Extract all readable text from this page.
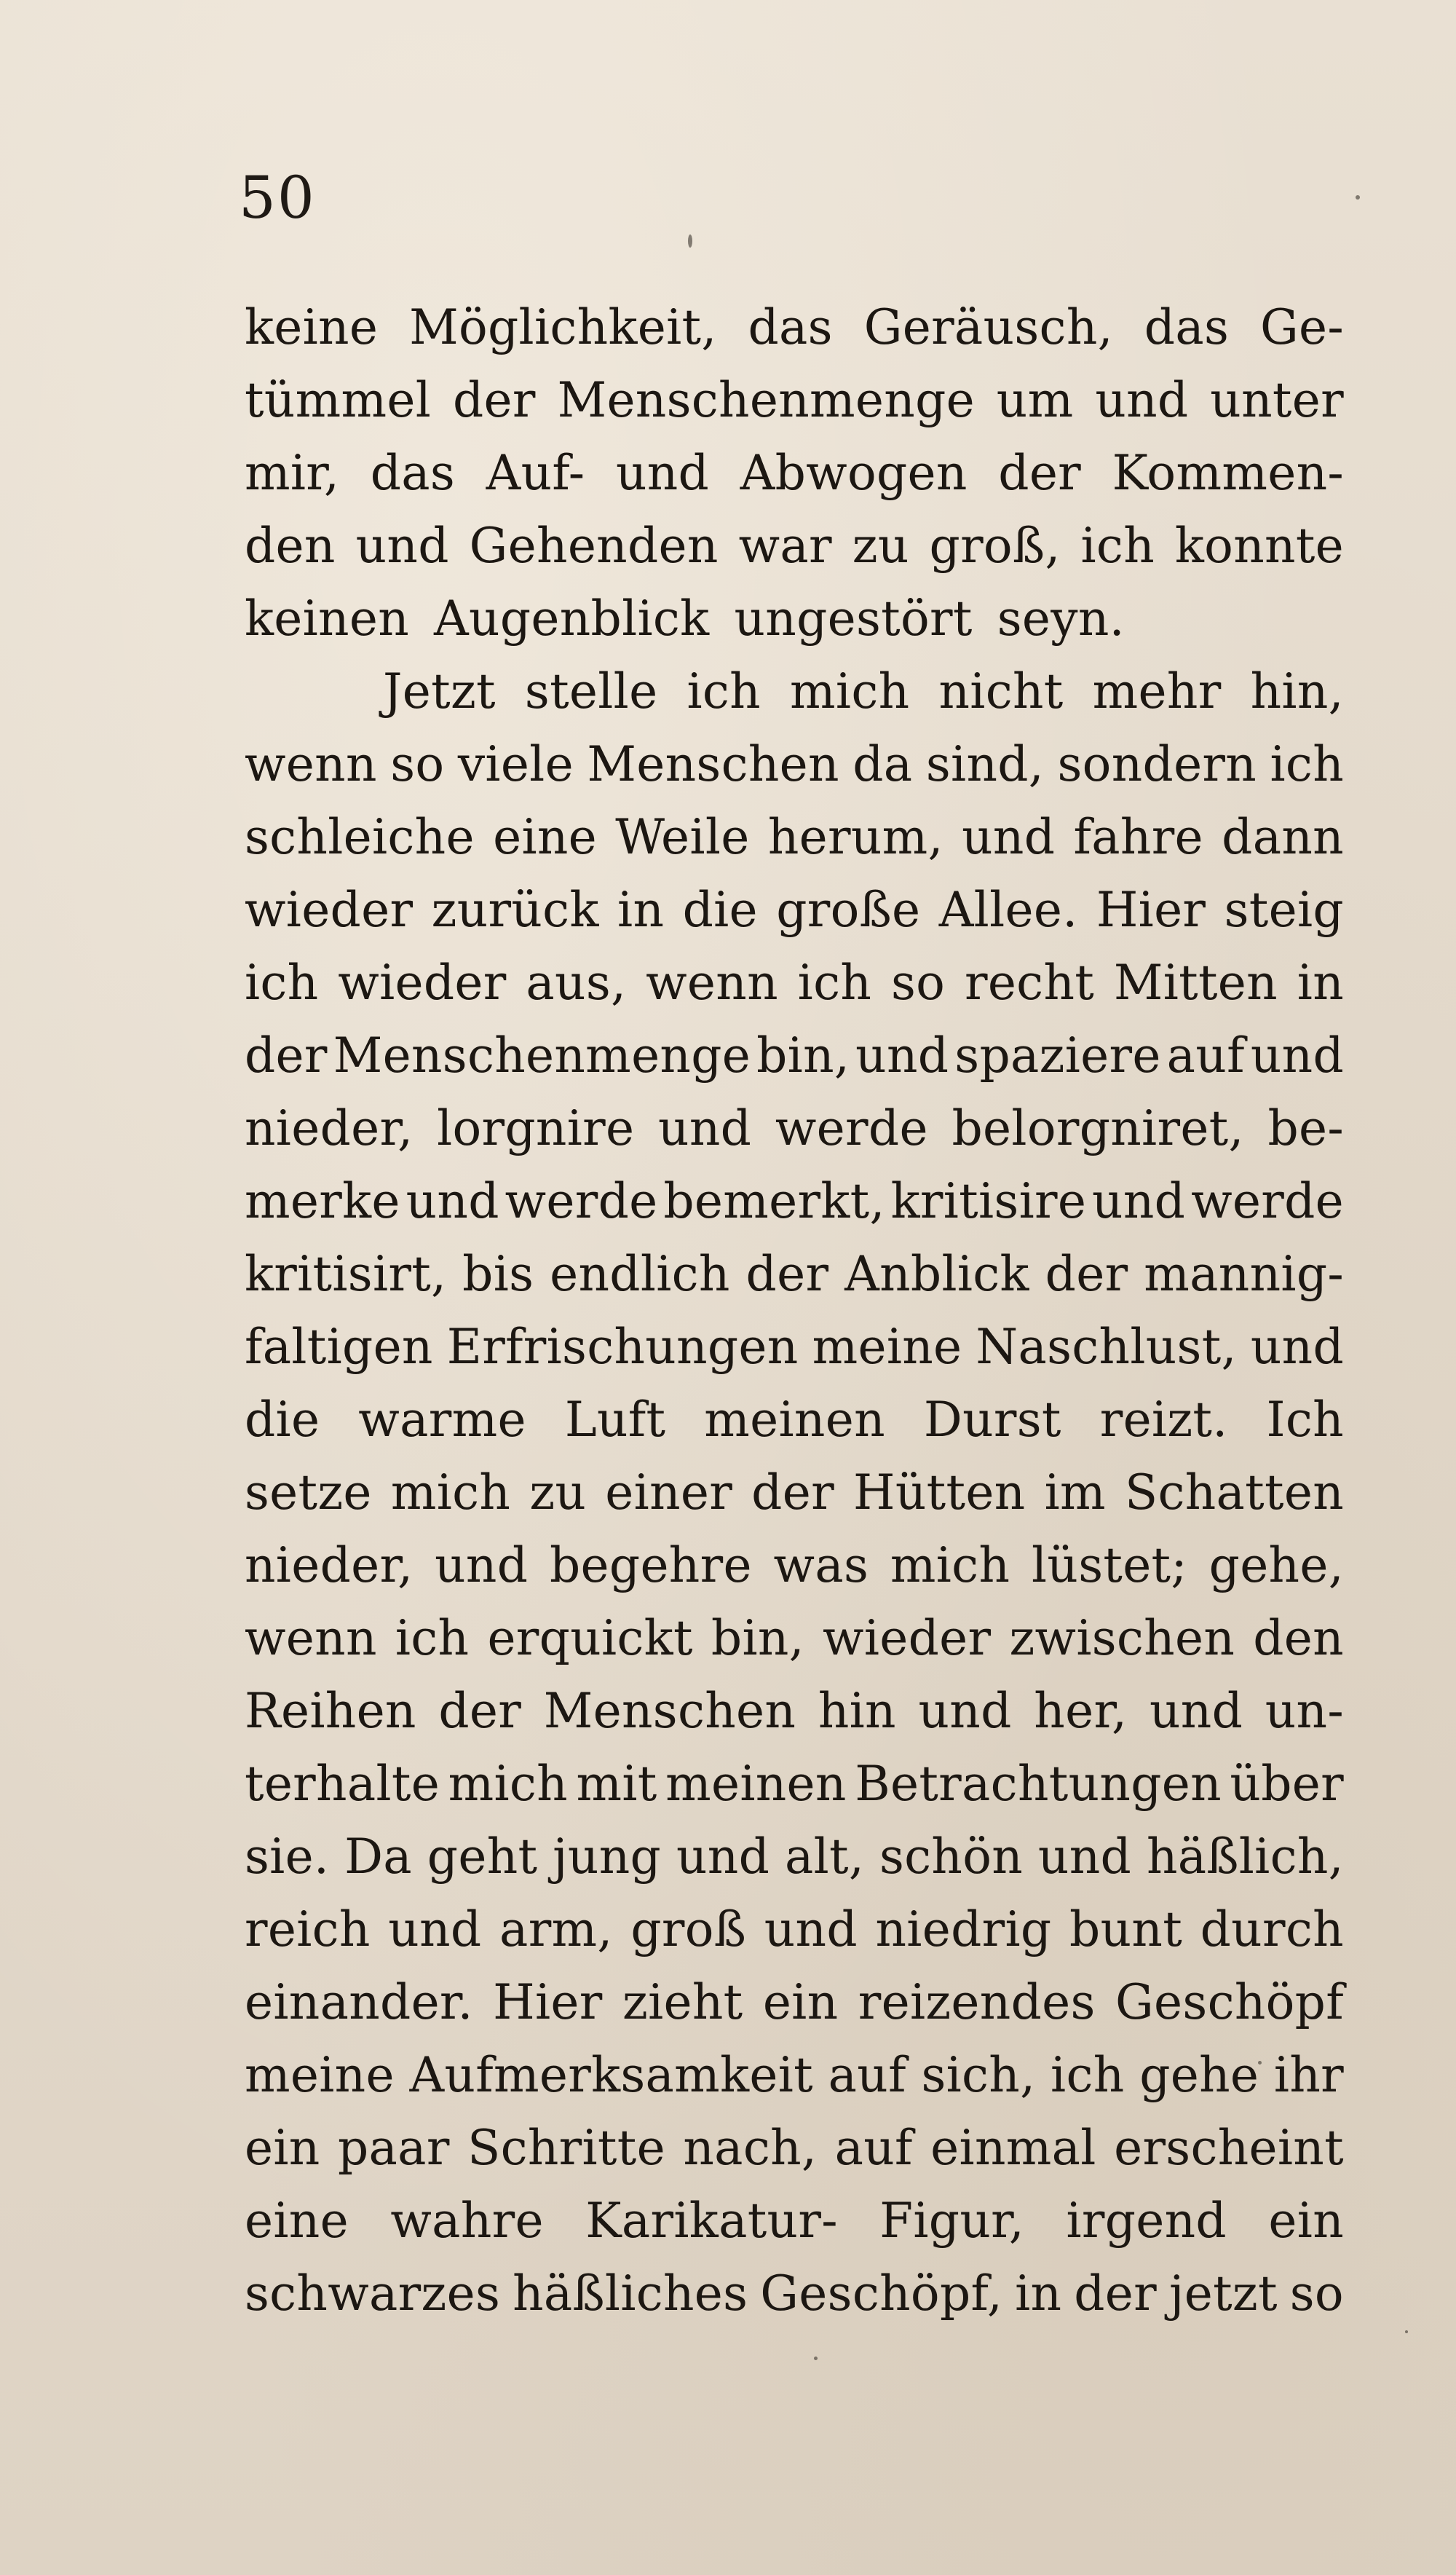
50
keine Möglichkeit, das Geräusch, das Ge-
tümmel der Menschenmenge um und unter
mir, das Auf- und Abwogen der Kommen-
den und Gehenden war zu groß, ich konnte
keinen Augenblick ungestört seyn.
Jetzt stelle ich mich nicht mehr hin,
wenn so viele Menschen da sind, sondern ich
schleiche eine Weile herum, und fahre dann
wieder zurück in die große Allee. Hier steig
ich wieder aus, wenn ich so recht Mitten in
der Menschenmenge bin, und spaziere auf und
nieder, lorgnire und werde belorgniret, be-
merke und werde bemerkt, kritisire und werde
kritisirt, bis endlich der Anblick der mannig-
faltigen Erfrischungen meine Naschlust, und
die warme Luft meinen Durst reizt. Ich
setze mich zu einer der Hütten im Schatten
nieder, und begehre was mich lüstet; gehe,
wenn ich erquickt bin, wieder zwischen den
Reihen der Menschen hin und her, und un-
terhalte mich mit meinen Betrachtungen über
sie. Da geht jung und alt, schön und häßlich,
reich und arm, groß und niedrig bunt durch
einander. Hier zieht ein reizendes Geschöpf
meine Aufmerksamkeit auf sich, ich gehe ihr
ein paar Schritte nach, auf einmal erscheint
eine wahre Karikatur- Figur, irgend ein
schwarzes häßliches Geschöpf, in der jetzt so
